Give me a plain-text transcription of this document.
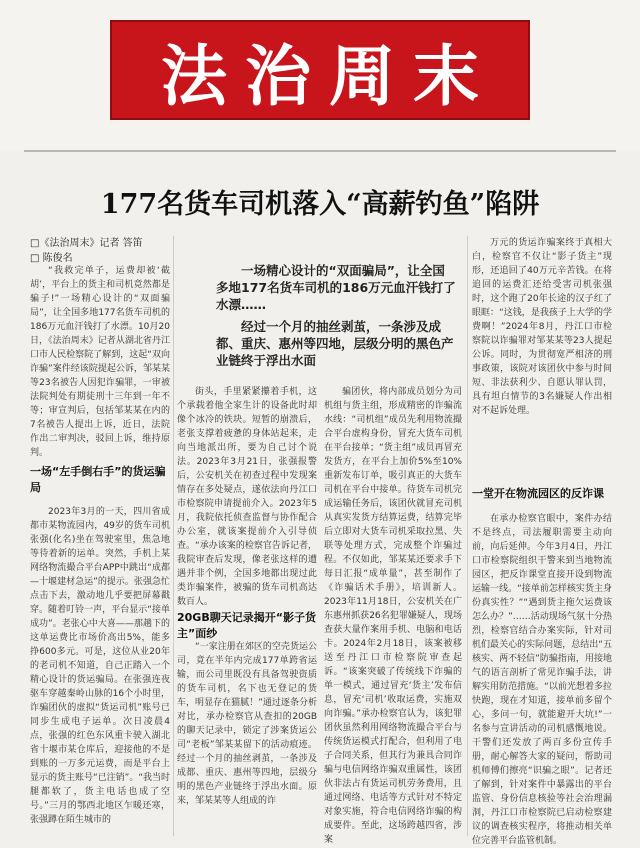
法治周末
177名货车司机落入“高薪钓鱼”陷阱
□《法治周末》记者 答笛
□ 陈俊名

一场精心设计的“双面骗局”，让全国多地177名货车司机的186万元血汗钱打了水漂……

经过一个月的抽丝剥茧，一条涉及成都、重庆、惠州等四地，层级分明的黑色产业链终于浮出水面

“我救完单子，运费却被‘截胡’，平台上的货主和司机竟然都是骗子!”一场精心设计的“双面骗局”，让全国多地177名货车司机的186万元血汗钱打了水漂。10月20日，《法治周末》记者从湖北省丹江口市人民检察院了解到，这起“双向诈骗”案件经该院提起公诉，邹某某等23名被告人因犯诈骗罪，一审被法院判处有期徒刑十三年到一年不等；审宣判后，包括邹某某在内的7名被告人提出上诉，近日，法院作出二审判决，驳回上诉，维持原判。

一场“左手倒右手”的货运骗局

2023年3月的一天，四川省成都市某物流园内，49岁的货车司机张强(化名)坐在驾驶室里，焦急地等待着新的运单。突然，手机上某网络物流撮合平台APP中跳出“成都—十堰建材急运”的提示。张强急忙点击下去，激动地几乎要把屏幕戳穿。随着叮铃一声，平台显示“接单成功”。老张心中大喜——那趟下的这单运费比市场价高出5%，能多挣600多元。可是，这位从业20年的老司机不知道，自己正踏入一个精心设计的货运骗局。在张强连夜驱车穿越秦岭山脉的16个小时里，诈骗团伙的虚拟“货运司机”账号已同步生成电子运单。次日凌晨4点，张强的红色东风重卡驶入湖北省十堰市某仓库后，迎接他的不是到账的一万多元运费，而是平台上显示的货主账号“已注销”。“我当时腿都软了，货主电话也成了空号。”三月的鄂西北地区乍暖还寒，张强蹲在陌生城市的

街头，手里紧紧攥着手机，这个承载着他全家生计的设备此时却像个冰冷的铁块。短暂的崩溃后，老张支撑着疲惫的身体站起来，走向当地派出所，要为自己讨个说法。2023年3月21日，张强报警后，公安机关在初查过程中发现案情存在多处疑点，遂依法向丹江口市检察院申请提前介入。2023年5月，我院依托侦查监督与协作配合办公室，就该案提前介入引导侦查。“承办该案的检察官告诉记者，我院审查后发现，像老张这样的遭遇并非个例，全国多地都出现过此类诈骗案件，被骗的货车司机高达数百人。

20GB聊天记录揭开“影子货主”面纱

“一家注册在郊区的空壳货运公司，竟在半年内完成177单跨省运输，而公司里既没有具备驾驶资质的货车司机，名下也无登记的货车，明显存在猫腻！”通过逐条分析对比，承办检察官从查扣的20GB的聊天记录中，锁定了涉案货运公司“老板”邹某某留下的活动痕迹。经过一个月的抽丝剥茧，一条涉及成都、重庆、惠州等四地，层级分明的黑色产业链终于浮出水面。原来，邹某某等人组成的诈

骗团伙，将内部成员划分为司机组与货主组，形成精密的诈骗流水线：“司机组”成员先利用物流撮合平台虚构身份，冒充大货车司机在平台接单；“货主组”成员再冒充发货方，在平台上加价5%至10%重新发布订单，吸引真正的大货车司机在平台中接单。待货车司机完成运输任务后，该团伙就冒充司机从真实发货方结算运费，结算完毕后立即对大货车司机采取拉黑、失联等处理方式，完成整个诈骗过程。不仅如此，邹某某还要求手下每日汇报“成单量”，甚至制作了《诈骗话术手册》，培训新人。2023年11月18日，公安机关在广东惠州抓获26名犯罪嫌疑人，现场查获大量作案用手机、电脑和电话卡。2024年2月18日，该案被移送至丹江口市检察院审查起诉。“该案突破了传统线下诈骗的单一模式，通过冒充‘货主’发布信息，冒充‘司机’收取运费，实施双向诈骗。”承办检察官认为，该犯罪团伙虽然利用网络物流撮合平台与传统货运模式打配合，但利用了电子合同关系，但其行为兼具合同诈骗与电信网络诈骗双重属性，该团伙非法占有货运司机劳务费用，且通过网络、电话等方式针对不特定对象实施，符合电信网络诈骗的构成要件。至此，这场跨越四省，涉案

万元的货运诈骗案终于真相大白，检察官不仅让“影子货主”现形，还追回了40万元辛苦钱。在将追回的运费汇还给受害司机张强时，这个跑了20年长途的汉子红了眼眶：“这钱，是我孩子上大学的学费啊！”2024年8月，丹江口市检察院以诈骗罪对邹某某等23人提起公诉。同时，为贯彻宽严相济的刑事政策，该院对该团伙中参与时间短、非法获利少、自愿认罪认罚，具有坦白情节的3名嫌疑人作出相对不起诉处理。

一堂开在物流园区的反诈课

在承办检察官眼中，案件办结不是终点，司法履职需要主动向前，向后延伸。今年3月4日，丹江口市检察院组织干警来到当地物流园区，把反诈课堂直接开设到物流运输一线。“接单前怎样核实货主身份真实性？”“遇到货主拖欠运费该怎么办？”……活动现场气氛十分热烈，检察官结合办案实际，针对司机们最关心的实际问题，总结出“五核实、两不轻信”防骗指南，用接地气的语言剖析了常见诈骗手法，讲解实用防范措施。“以前光想着多拉快跑，现在才知道，接单前多留个心，多问一句，就能避开大坑!”一名参与宣讲活动的司机感慨地说。干警们还发放了两百多份宣传手册，耐心解答大家的疑问，帮助司机师傅们擦亮“识骗之眼”。记者还了解到，针对案件中暴露出的平台监管、身份信息核验等社会治理漏洞，丹江口市检察院已启动检察建议的调查核实程序，将推动相关单位完善平台监管机制。
